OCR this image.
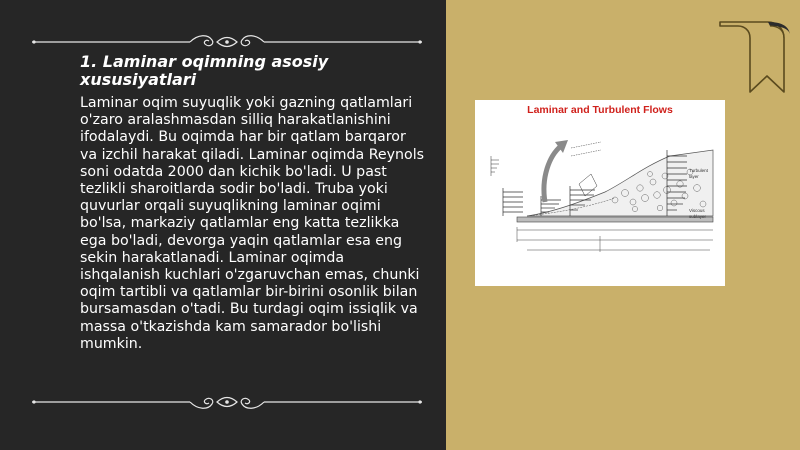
1. Laminar oqimning asosiy xususiyatlari

Laminar oqim suyuqlik yoki gazning qatlamlari o'zaro aralashmasdan silliq harakatlanishini ifodalaydi. Bu oqimda har bir qatlam barqaror va izchil harakat qiladi. Laminar oqimda Reynols soni odatda 2000 dan kichik bo'ladi. U past tezlikli sharoitlarda sodir bo'ladi. Truba yoki quvurlar orqali suyuqlikning laminar oqimi bo'lsa, markaziy qatlamlar eng katta tezlikka ega bo'ladi, devorga yaqin qatlamlar esa eng sekin harakatlanadi. Laminar oqimda ishqalanish kuchlari o'zgaruvchan emas, chunki oqim tartibli va qatlamlar bir-birini osonlik bilan bursamasdan o'tadi. Bu turdagi oqim issiqlik va massa o'tkazishda kam samarador bo'lishi mumkin.

Laminar and Turbulent Flows
Turbulent
layer
Viscous
sublayer
